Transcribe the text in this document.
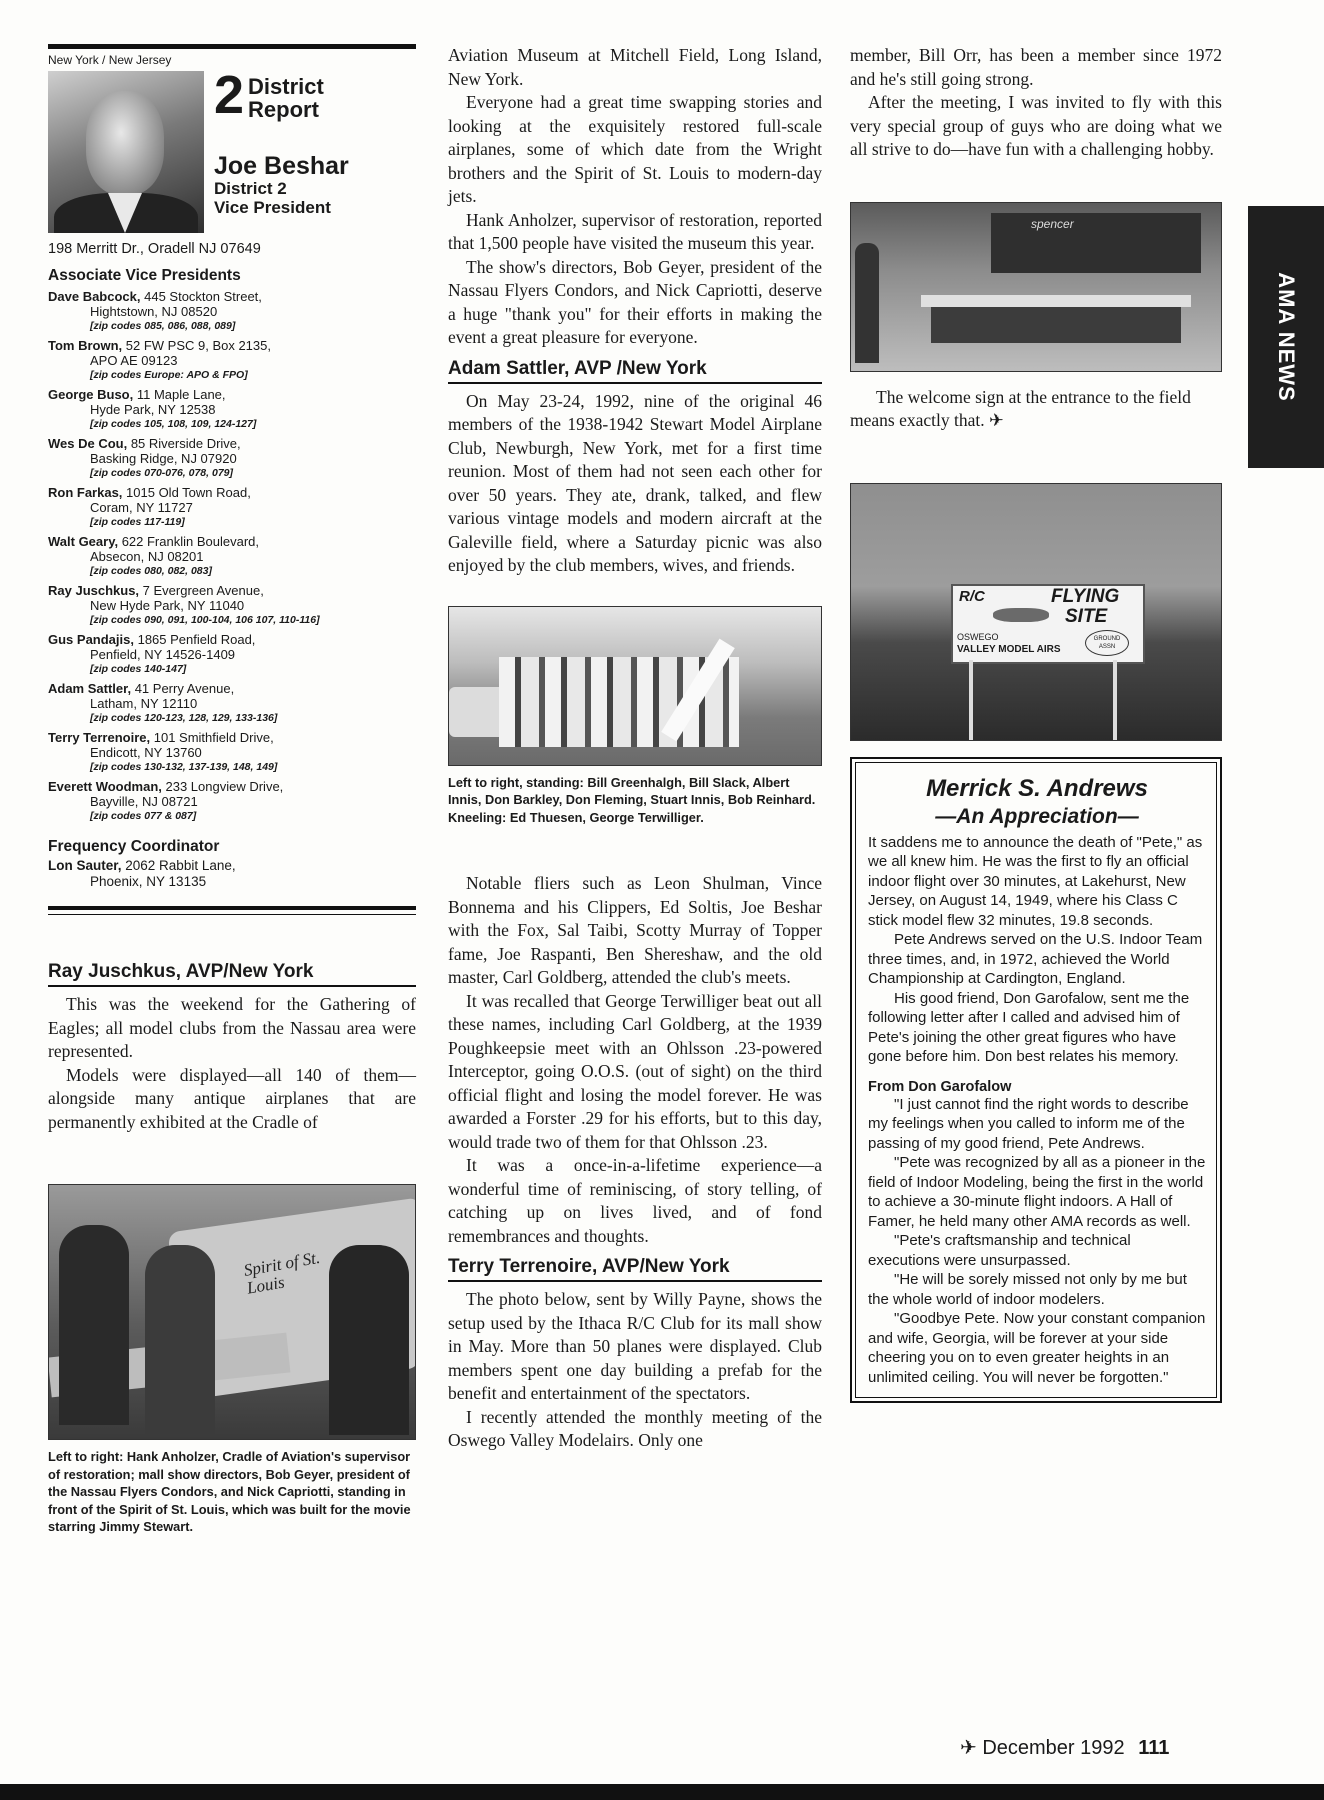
New York / New Jersey
2 District
Report
Joe Beshar
District 2
Vice President
198 Merritt Dr., Oradell NJ 07649
Associate Vice Presidents
Dave Babcock, 445 Stockton Street,
Hightstown, NJ 08520
[zip codes 085, 086, 088, 089]
Tom Brown, 52 FW PSC 9, Box 2135,
APO AE 09123
[zip codes Europe: APO & FPO]
George Buso, 11 Maple Lane,
Hyde Park, NY 12538
[zip codes 105, 108, 109, 124-127]
Wes De Cou, 85 Riverside Drive,
Basking Ridge, NJ 07920
[zip codes 070-076, 078, 079]
Ron Farkas, 1015 Old Town Road,
Coram, NY 11727
[zip codes 117-119]
Walt Geary, 622 Franklin Boulevard,
Absecon, NJ 08201
[zip codes 080, 082, 083]
Ray Juschkus, 7 Evergreen Avenue,
New Hyde Park, NY 11040
[zip codes 090, 091, 100-104, 106 107, 110-116]
Gus Pandajis, 1865 Penfield Road,
Penfield, NY 14526-1409
[zip codes 140-147]
Adam Sattler, 41 Perry Avenue,
Latham, NY 12110
[zip codes 120-123, 128, 129, 133-136]
Terry Terrenoire, 101 Smithfield Drive,
Endicott, NY 13760
[zip codes 130-132, 137-139, 148, 149]
Everett Woodman, 233 Longview Drive,
Bayville, NJ 08721
[zip codes 077 & 087]
Frequency Coordinator
Lon Sauter, 2062 Rabbit Lane,
Phoenix, NY 13135
Ray Juschkus, AVP/New York

This was the weekend for the Gathering of Eagles; all model clubs from the Nassau area were represented.

Models were displayed—all 140 of them—alongside many antique airplanes that are permanently exhibited at the Cradle of

Spirit of St. Louis
Left to right: Hank Anholzer, Cradle of Aviation's supervisor of restoration; mall show directors, Bob Geyer, president of the Nassau Flyers Condors, and Nick Capriotti, standing in front of the Spirit of St. Louis, which was built for the movie starring Jimmy Stewart.

Aviation Museum at Mitchell Field, Long Island, New York.

Everyone had a great time swapping stories and looking at the exquisitely restored full-scale airplanes, some of which date from the Wright brothers and the Spirit of St. Louis to modern-day jets.

Hank Anholzer, supervisor of restoration, reported that 1,500 people have visited the museum this year.

The show's directors, Bob Geyer, president of the Nassau Flyers Condors, and Nick Capriotti, deserve a huge "thank you" for their efforts in making the event a great pleasure for everyone.

Adam Sattler, AVP /New York

On May 23-24, 1992, nine of the original 46 members of the 1938-1942 Stewart Model Airplane Club, Newburgh, New York, met for a first time reunion. Most of them had not seen each other for over 50 years. They ate, drank, talked, and flew various vintage models and modern aircraft at the Galeville field, where a Saturday picnic was also enjoyed by the club members, wives, and friends.

Left to right, standing: Bill Greenhalgh, Bill Slack, Albert Innis, Don Barkley, Don Fleming, Stuart Innis, Bob Reinhard. Kneeling: Ed Thuesen, George Terwilliger.

Notable fliers such as Leon Shulman, Vince Bonnema and his Clippers, Ed Soltis, Joe Beshar with the Fox, Sal Taibi, Scotty Murray of Topper fame, Joe Raspanti, Ben Shereshaw, and the old master, Carl Goldberg, attended the club's meets.

It was recalled that George Terwilliger beat out all these names, including Carl Goldberg, at the 1939 Poughkeepsie meet with an Ohlsson .23-powered Interceptor, going O.O.S. (out of sight) on the third official flight and losing the model forever. He was awarded a Forster .29 for his efforts, but to this day, would trade two of them for that Ohlsson .23.

It was a once-in-a-lifetime experience—a wonderful time of reminiscing, of story telling, of catching up on lives lived, and of fond remembrances and thoughts.

Terry Terrenoire, AVP/New York

The photo below, sent by Willy Payne, shows the setup used by the Ithaca R/C Club for its mall show in May. More than 50 planes were displayed. Club members spent one day building a prefab for the benefit and entertainment of the spectators.

I recently attended the monthly meeting of the Oswego Valley Modelairs. Only one

member, Bill Orr, has been a member since 1972 and he's still going strong.

After the meeting, I was invited to fly with this very special group of guys who are doing what we all strive to do—have fun with a challenging hobby.

spencer
The welcome sign at the entrance to the field means exactly that. ✈
R/C	FLYING
SITE
OSWEGO
VALLEY MODEL AIRS
GROUND ASSN
Merrick S. Andrews
—An Appreciation—

It saddens me to announce the death of "Pete," as we all knew him. He was the first to fly an official indoor flight over 30 minutes, at Lakehurst, New Jersey, on August 14, 1949, where his Class C stick model flew 32 minutes, 19.8 seconds.

Pete Andrews served on the U.S. Indoor Team three times, and, in 1972, achieved the World Championship at Cardington, England.

His good friend, Don Garofalow, sent me the following letter after I called and advised him of Pete's joining the other great figures who have gone before him. Don best relates his memory.

From Don Garofalow

"I just cannot find the right words to describe my feelings when you called to inform me of the passing of my good friend, Pete Andrews.

"Pete was recognized by all as a pioneer in the field of Indoor Modeling, being the first in the world to achieve a 30-minute flight indoors. A Hall of Famer, he held many other AMA records as well.

"Pete's craftsmanship and technical executions were unsurpassed.

"He will be sorely missed not only by me but the whole world of indoor modelers.

"Goodbye Pete. Now your constant companion and wife, Georgia, will be forever at your side cheering you on to even greater heights in an unlimited ceiling. You will never be forgotten."

AMA NEWS
✈ December 1992 111
